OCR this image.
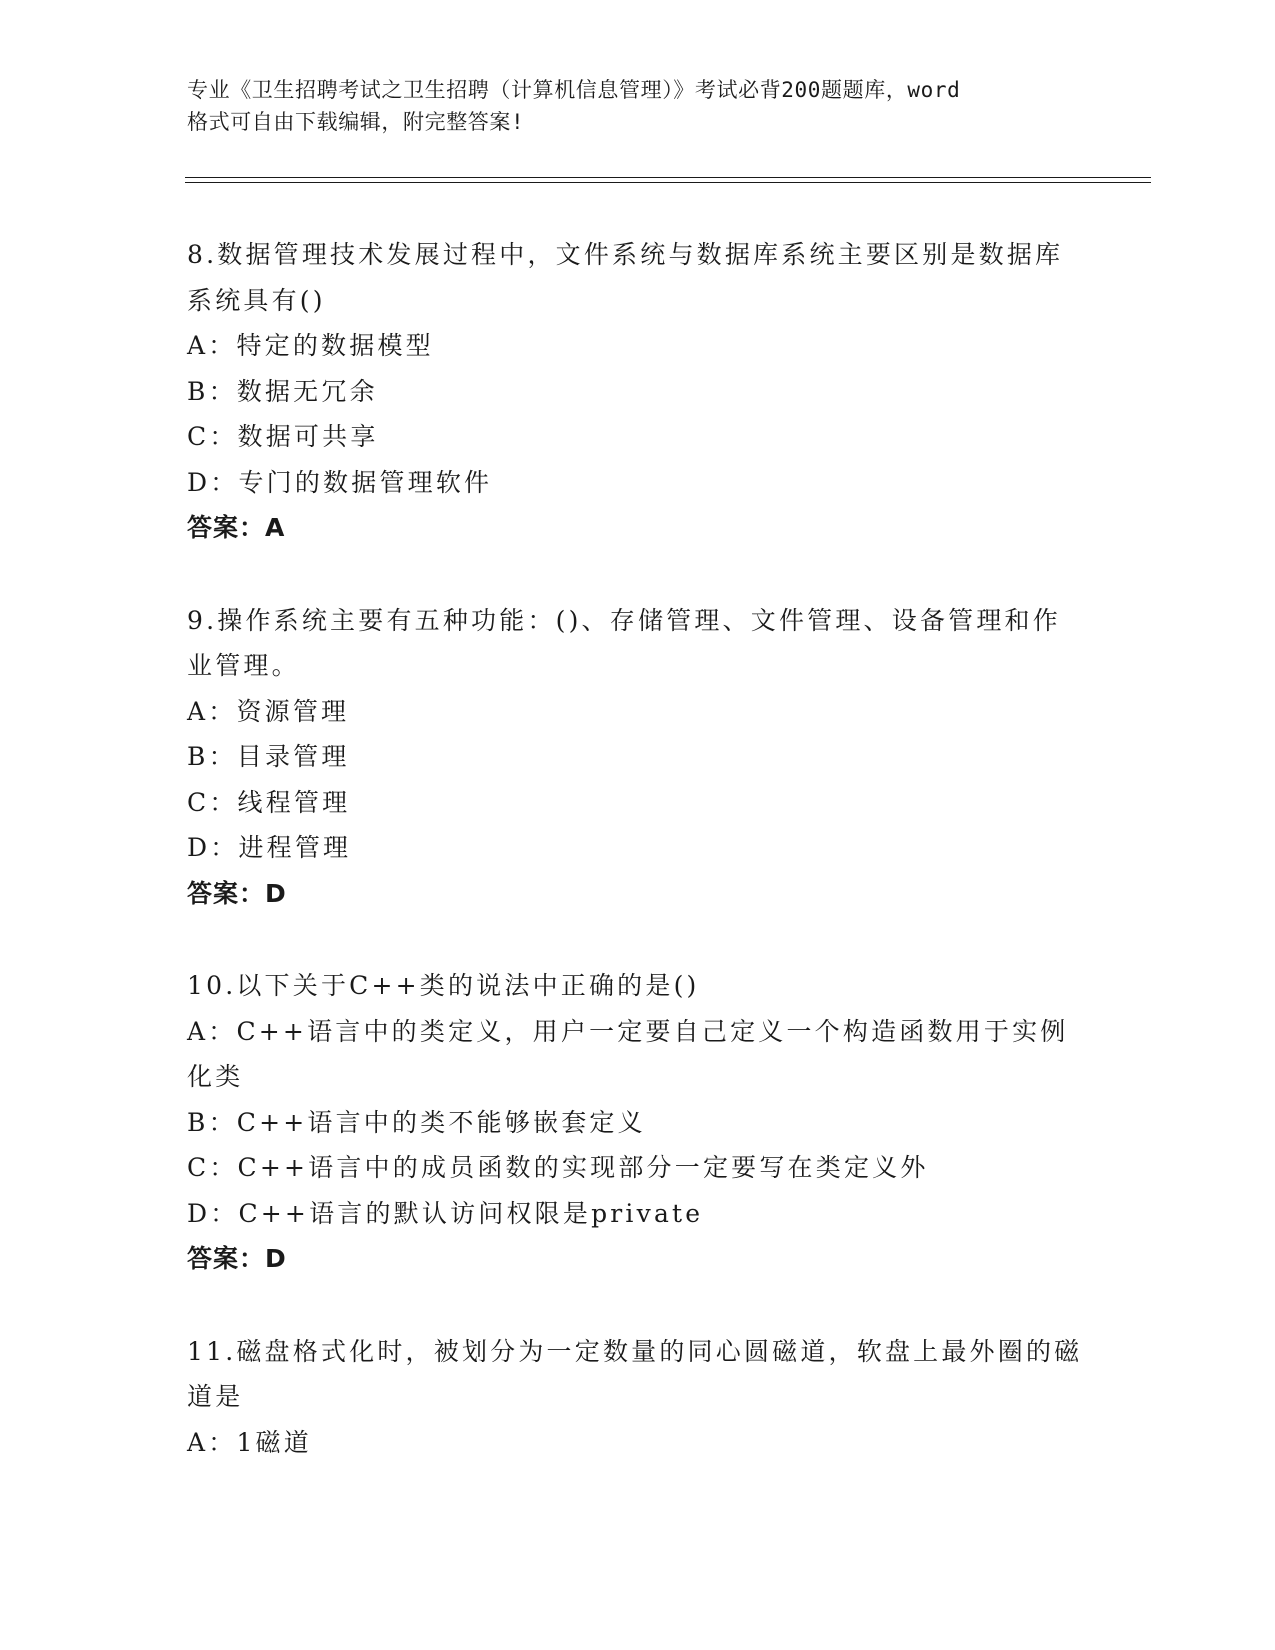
专业《卫生招聘考试之卫生招聘（计算机信息管理）》考试必背200题题库，word
格式可自由下载编辑，附完整答案!
8.数据管理技术发展过程中，文件系统与数据库系统主要区别是数据库系统具有()
A：特定的数据模型
B：数据无冗余
C：数据可共享
D：专门的数据管理软件
答案：A
9.操作系统主要有五种功能：()、存储管理、文件管理、设备管理和作业管理。
A：资源管理
B：目录管理
C：线程管理
D：进程管理
答案：D
10.以下关于C++类的说法中正确的是()
A：C++语言中的类定义，用户一定要自己定义一个构造函数用于实例化类
B：C++语言中的类不能够嵌套定义
C：C++语言中的成员函数的实现部分一定要写在类定义外
D：C++语言的默认访问权限是private
答案：D
11.磁盘格式化时，被划分为一定数量的同心圆磁道，软盘上最外圈的磁道是
A：1磁道
